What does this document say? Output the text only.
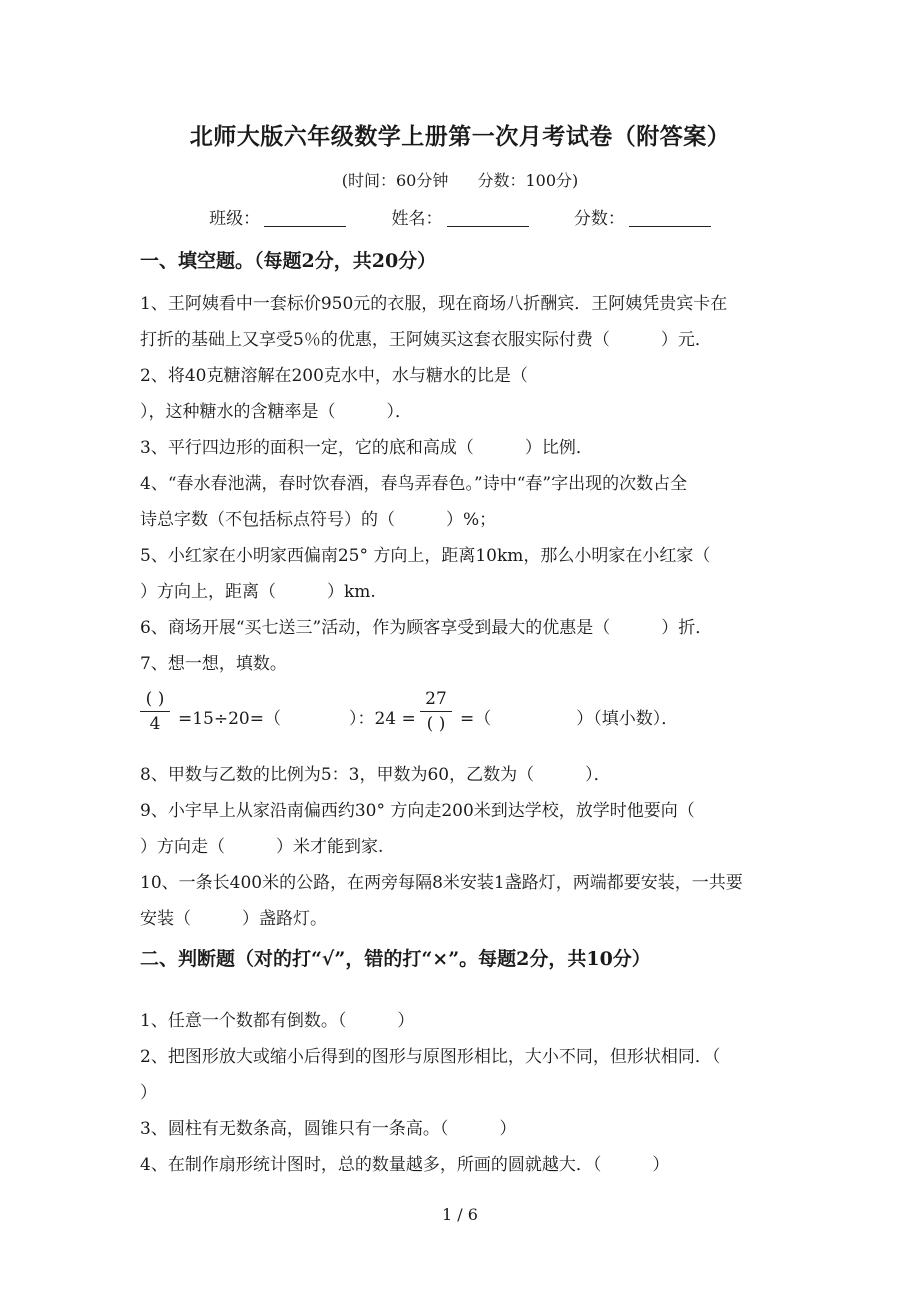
北师大版六年级数学上册第一次月考试卷（附答案）
(时间：60分钟 分数：100分)
班级：	姓名：	分数：
一、填空题。（每题2分，共20分）
1、王阿姨看中一套标价950元的衣服，现在商场八折酬宾．王阿姨凭贵宾卡在
打折的基础上又享受5％的优惠，王阿姨买这套衣服实际付费（　　　）元．
2、将40克糖溶解在200克水中，水与糖水的比是（
），这种糖水的含糖率是（　　　）．
3、平行四边形的面积一定，它的底和高成（　　　）比例．
4、“春水春池满，春时饮春酒，春鸟弄春色。”诗中“春”字出现的次数占全
诗总字数（不包括标点符号）的（　　　）%；
5、小红家在小明家西偏南25° 方向上，距离10km，那么小明家在小红家（
）方向上，距离（　　　）km.
6、商场开展“买七送三”活动，作为顾客享受到最大的优惠是（　　　）折．
7、想一想，填数。
( )
4	=15÷20=（　　　　）：24 =
27
( ) =（　　　　　）（填小数）．
8、甲数与乙数的比例为5：3，甲数为60，乙数为（　　　）．
9、小宇早上从家沿南偏西约30° 方向走200米到达学校，放学时他要向（
）方向走（　　　）米才能到家.
10、一条长400米的公路，在两旁每隔8米安装1盏路灯，两端都要安装，一共要
安装（　　　）盏路灯。
二、判断题（对的打“√”，错的打“×”。每题2分，共10分）
1、任意一个数都有倒数。（　　　）
2、把图形放大或缩小后得到的图形与原图形相比，大小不同，但形状相同．（
）
3、圆柱有无数条高，圆锥只有一条高。（　　　）
4、在制作扇形统计图时，总的数量越多，所画的圆就越大．（　　　）
1 / 6
